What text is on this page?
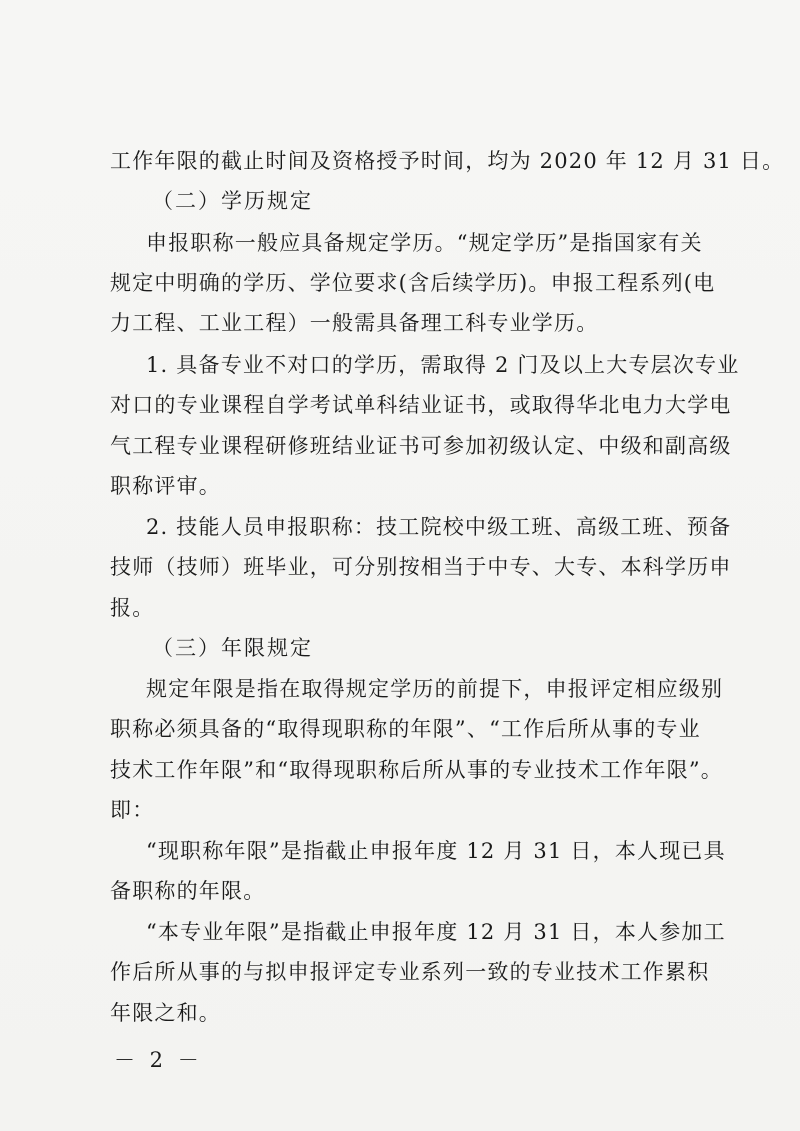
工作年限的截止时间及资格授予时间，均为 2020 年 12 月 31 日。
（二）学历规定
申报职称一般应具备规定学历。“规定学历”是指国家有关
规定中明确的学历、学位要求(含后续学历)。申报工程系列(电
力工程、工业工程）一般需具备理工科专业学历。
1. 具备专业不对口的学历，需取得 2 门及以上大专层次专业
对口的专业课程自学考试单科结业证书，或取得华北电力大学电
气工程专业课程研修班结业证书可参加初级认定、中级和副高级
职称评审。
2. 技能人员申报职称：技工院校中级工班、高级工班、预备
技师（技师）班毕业，可分别按相当于中专、大专、本科学历申
报。
（三）年限规定
规定年限是指在取得规定学历的前提下，申报评定相应级别
职称必须具备的“取得现职称的年限”、“工作后所从事的专业
技术工作年限”和“取得现职称后所从事的专业技术工作年限”。
即：
“现职称年限”是指截止申报年度 12 月 31 日，本人现已具
备职称的年限。
“本专业年限”是指截止申报年度 12 月 31 日，本人参加工
作后所从事的与拟申报评定专业系列一致的专业技术工作累积
年限之和。
－ 2 －
